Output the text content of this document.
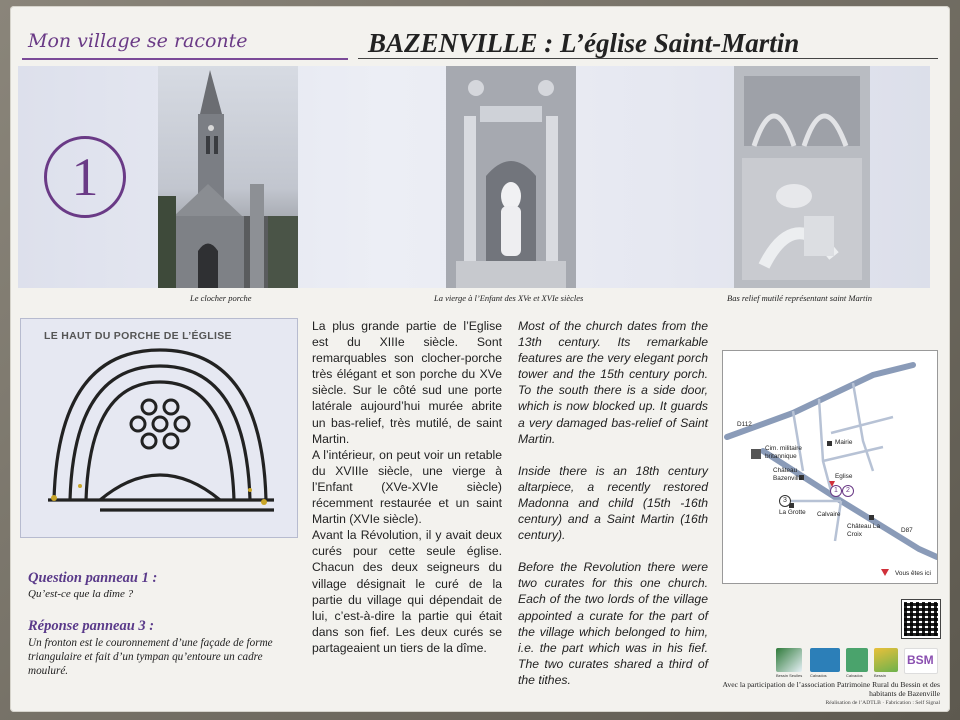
Mon village se raconte	BAZENVILLE : L’église Saint-Martin
1
Le clocher porche	La vierge à l’Enfant des XVe et XVIe siècles	Bas relief mutilé représentant saint Martin
LE HAUT DU PORCHE DE L’ÉGLISE
Question panneau 1 :
Qu’est-ce que la dîme ?
Réponse panneau 3 :
Un fronton est le couronnement d’une façade de forme triangulaire et fait d’un tympan qu’entoure un cadre mouluré.

La plus grande partie de l’Eglise est du XIIIe siècle. Sont remarquables son clocher-porche très élégant et son porche du XVe siècle. Sur le côté sud une porte latérale aujourd’hui murée abrite un bas-relief, très mutilé, de saint Martin.

A l’intérieur, on peut voir un retable du XVIIIe siècle, une vierge à l’Enfant (XVe-XVIe siècle) récemment restaurée et un saint Martin (XVIe siècle).

Avant la Révolution, il y avait deux curés pour cette seule église. Chacun des deux seigneurs du village désignait le curé de la partie du village qui dépendait de lui, c’est-à-dire la partie qui était dans son fief. Les deux curés se partageaient un tiers de la dîme.

Most of the church dates from the 13th century. Its remarkable features are the very elegant porch tower and the 15th century porch. To the south there is a side door, which is now blocked up. It guards a very damaged bas-relief of Saint Martin.

Inside there is an 18th century altarpiece, a recently restored Madonna and child (15th -16th century) and a Saint Martin (16th century).

Before the Revolution there were two curates for this one church. Each of the two lords of the village appointed a curate for the part of the village which belonged to him, i.e. the part which was in his fief. The two curates shared a third of the tithes.

D112
D87
Cim. militaire britannique
Mairie
Château Bazenville	Eglise
La Grotte Calvaire
Château La Croix
1	2
3
Vous êtes ici
Bessin Seulles Calvados	Calvados	Bessin
BSM
Avec la participation de l’association Patrimoine Rural du Bessin et des habitants de Bazenville
Réalisation de l’ADTLB · Fabrication : Self Signal
